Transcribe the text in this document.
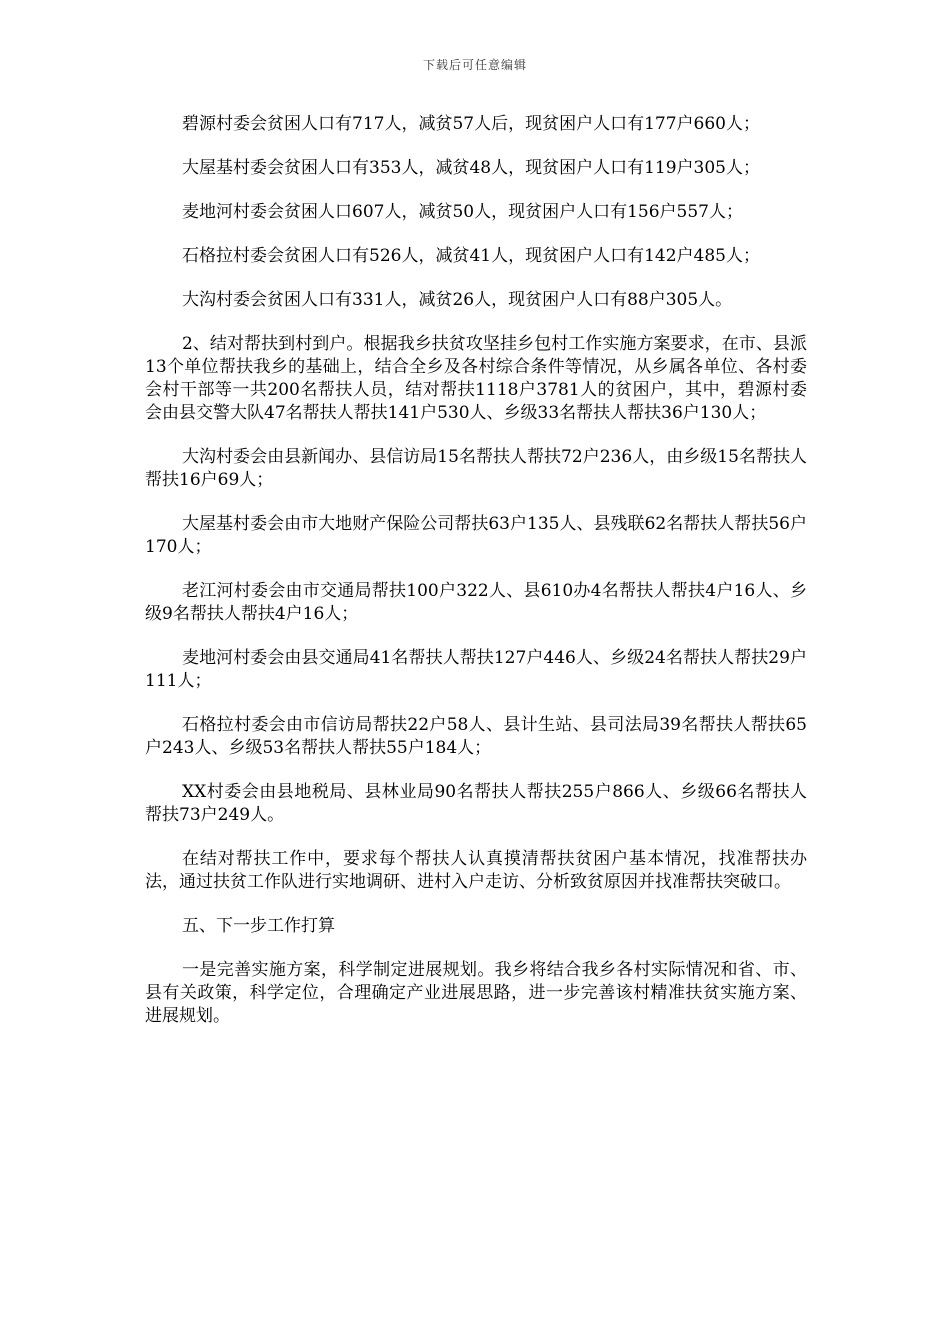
下载后可任意编辑

碧源村委会贫困人口有717人，减贫57人后，现贫困户人口有177户660人；

大屋基村委会贫困人口有353人，减贫48人，现贫困户人口有119户305人；

麦地河村委会贫困人口607人，减贫50人，现贫困户人口有156户557人；

石格拉村委会贫困人口有526人，减贫41人，现贫困户人口有142户485人；

大沟村委会贫困人口有331人，减贫26人，现贫困户人口有88户305人。

2、结对帮扶到村到户。根据我乡扶贫攻坚挂乡包村工作实施方案要求，在市、县派13个单位帮扶我乡的基础上，结合全乡及各村综合条件等情况，从乡属各单位、各村委会村干部等一共200名帮扶人员，结对帮扶1118户3781人的贫困户，其中，碧源村委会由县交警大队47名帮扶人帮扶141户530人、乡级33名帮扶人帮扶36户130人；

大沟村委会由县新闻办、县信访局15名帮扶人帮扶72户236人，由乡级15名帮扶人帮扶16户69人；

大屋基村委会由市大地财产保险公司帮扶63户135人、县残联62名帮扶人帮扶56户170人；

老江河村委会由市交通局帮扶100户322人、县610办4名帮扶人帮扶4户16人、乡级9名帮扶人帮扶4户16人；

麦地河村委会由县交通局41名帮扶人帮扶127户446人、乡级24名帮扶人帮扶29户111人；

石格拉村委会由市信访局帮扶22户58人、县计生站、县司法局39名帮扶人帮扶65户243人、乡级53名帮扶人帮扶55户184人；

XX村委会由县地税局、县林业局90名帮扶人帮扶255户866人、乡级66名帮扶人帮扶73户249人。

在结对帮扶工作中，要求每个帮扶人认真摸清帮扶贫困户基本情况，找准帮扶办法，通过扶贫工作队进行实地调研、进村入户走访、分析致贫原因并找准帮扶突破口。

五、下一步工作打算

一是完善实施方案，科学制定进展规划。我乡将结合我乡各村实际情况和省、市、县有关政策，科学定位，合理确定产业进展思路，进一步完善该村精准扶贫实施方案、进展规划。
